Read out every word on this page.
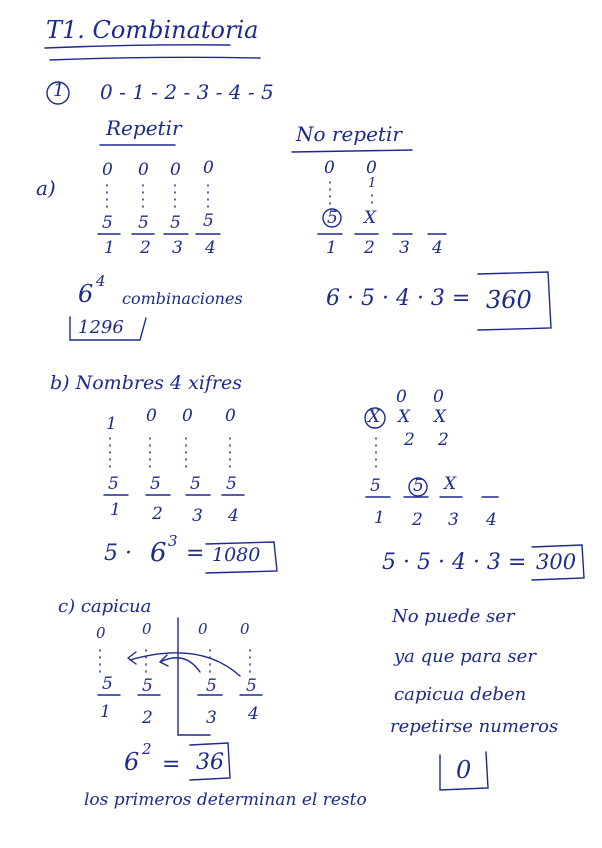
T1. Combinatoria
1 0 - 1 - 2 - 3 - 4 - 5
Repetir	No repetir
a)
0 0 0 0
5 5 5 5
1 2 3 4
6 4
combinaciones
1296
0 0
1
5 X
1 2 3 4
6 · 5 · 4 · 3 = 360
b) Nombres 4 xifres
1 0 0 0
5 5 5 5
1 2 3 4
5 · 6 3 = 1080
0 0
X X X
2 2
5 5 X
1 2 3 4
5 · 5 · 4 · 3 = 300
c) capicua
0 0	0 0
5 5	5 5
1 2	3 4
6 2
= 36
los primeros determinan el resto
No puede ser
ya que para ser
capicua deben
repetirse numeros
0
